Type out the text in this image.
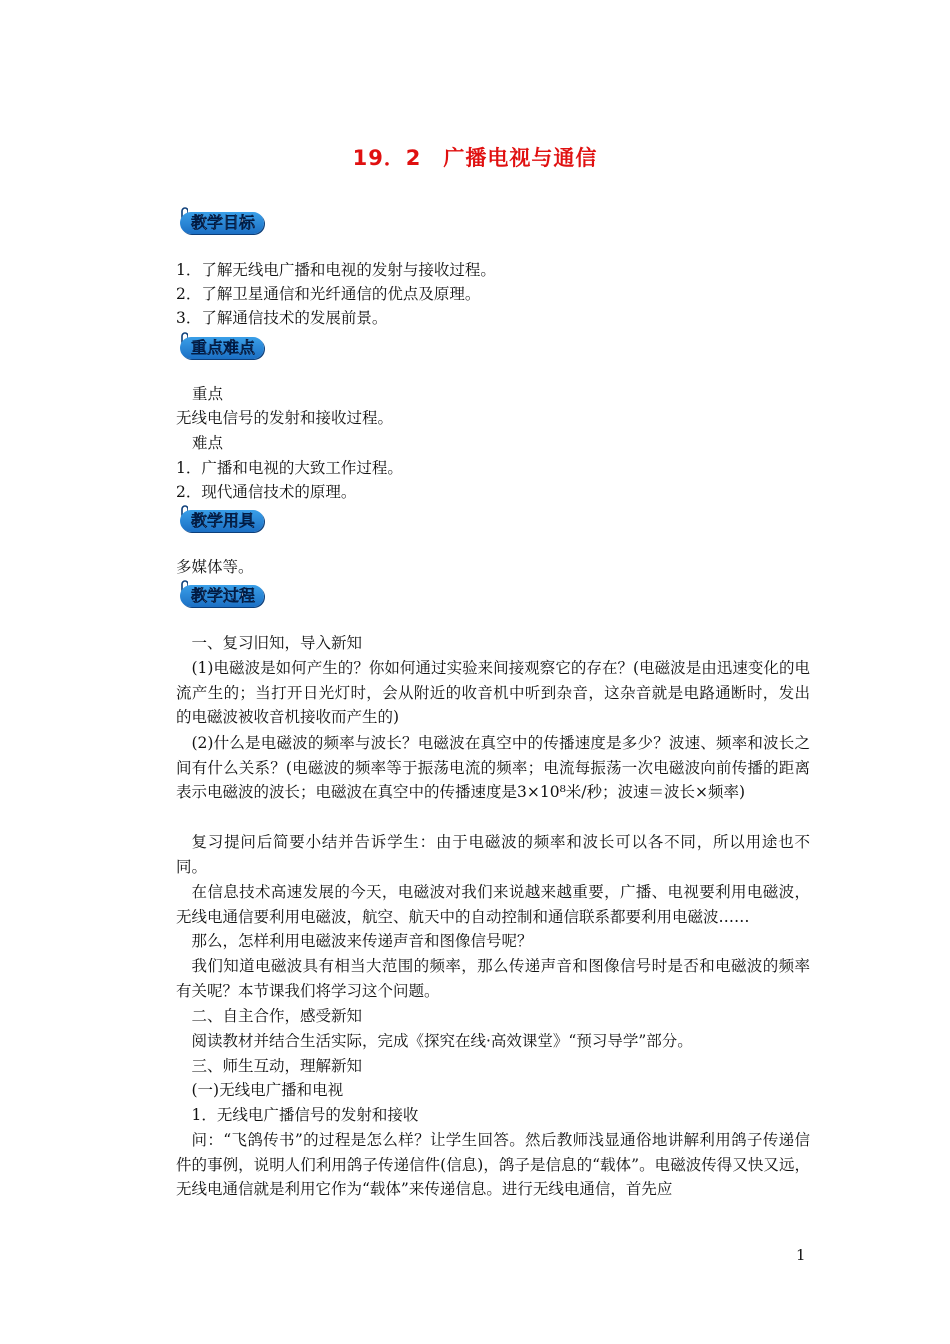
19．2　广播电视与通信
教学目标
1．了解无线电广播和电视的发射与接收过程。
2．了解卫星通信和光纤通信的优点及原理。
3．了解通信技术的发展前景。
重点难点
重点
无线电信号的发射和接收过程。
难点
1．广播和电视的大致工作过程。
2．现代通信技术的原理。
教学用具
多媒体等。
教学过程
一、复习旧知，导入新知
(1)电磁波是如何产生的？你如何通过实验来间接观察它的存在？(电磁波是由迅速变化的电流产生的；当打开日光灯时，会从附近的收音机中听到杂音，这杂音就是电路通断时，发出的电磁波被收音机接收而产生的)
(2)什么是电磁波的频率与波长？电磁波在真空中的传播速度是多少？波速、频率和波长之间有什么关系？(电磁波的频率等于振荡电流的频率；电流每振荡一次电磁波向前传播的距离表示电磁波的波长；电磁波在真空中的传播速度是3×10⁸米/秒；波速＝波长×频率)
复习提问后简要小结并告诉学生：由于电磁波的频率和波长可以各不同，所以用途也不同。
在信息技术高速发展的今天，电磁波对我们来说越来越重要，广播、电视要利用电磁波，无线电通信要利用电磁波，航空、航天中的自动控制和通信联系都要利用电磁波……
那么，怎样利用电磁波来传递声音和图像信号呢？
我们知道电磁波具有相当大范围的频率，那么传递声音和图像信号时是否和电磁波的频率有关呢？本节课我们将学习这个问题。
二、自主合作，感受新知
阅读教材并结合生活实际，完成《探究在线·高效课堂》“预习导学”部分。
三、师生互动，理解新知
(一)无线电广播和电视
1．无线电广播信号的发射和接收
问：“飞鸽传书”的过程是怎么样？让学生回答。然后教师浅显通俗地讲解利用鸽子传递信件的事例，说明人们利用鸽子传递信件(信息)，鸽子是信息的“载体”。电磁波传得又快又远，无线电通信就是利用它作为“载体”来传递信息。进行无线电通信，首先应
1
